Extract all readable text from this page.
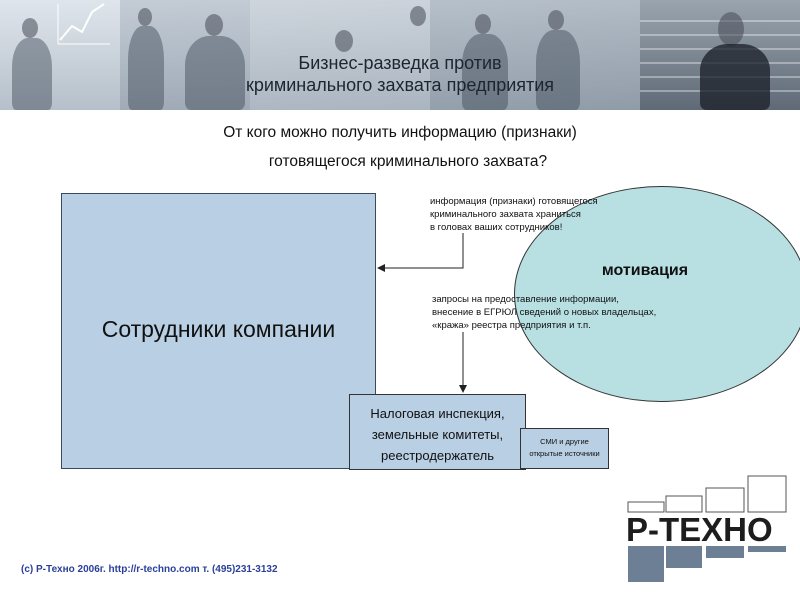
Бизнес-разведка против
криминального захвата предприятия
От кого можно получить информацию (признаки)
готовящегося криминального захвата?
Сотрудники компании
мотивация
информация (признаки) готовящегося
криминального захвата храниться
в головах ваших сотрудников!
запросы на предоставление информации,
внесение в ЕГРЮЛ сведений о новых владельцах,
«кража» реестра предприятия и т.п.
Налоговая инспекция,
земельные комитеты,
реестродержатель
СМИ и другие
открытые источники
(c) Р-Техно 2006г. http://r-techno.com т. (495)231-3132
Р-ТЕХНО
